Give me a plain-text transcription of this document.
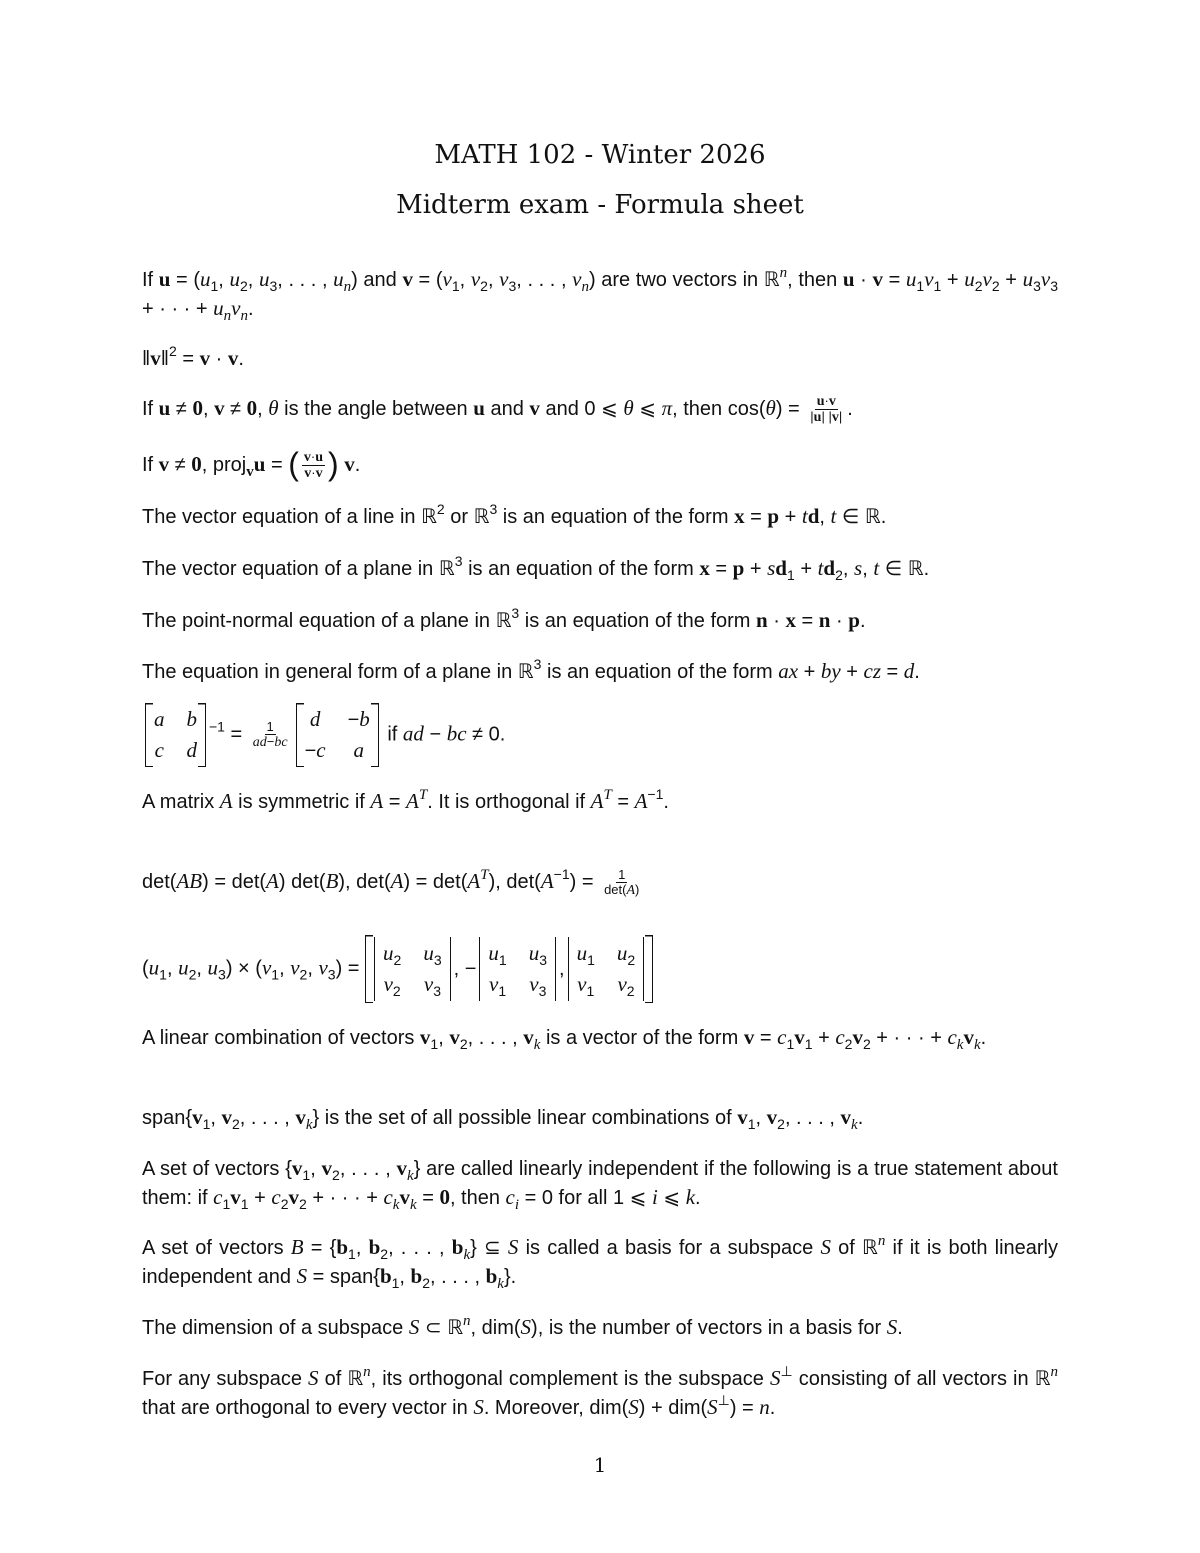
MATH 102 - Winter 2026
Midterm exam - Formula sheet
If $u = (u_1$, $u_2$, $u_3$, . . . , $u_n$) and $v = (v_1$, $v_2$, $v_3$, . . . , $v_n$) are two vectors in ℝ$^n$, then $u \cdot v = u_1v_1 + u_2v_2 + u_3v_3$ + · · · + $u_nv_n$.
‖v‖$^2$ = v · v.
If u ≠ 0, v ≠ 0, θ is the angle between u and v and 0 ⩽ θ ⩽ π, then $\cos(\theta) = \frac{u\cdot v}{|u| |v|}$ .
If v ≠ 0, proj$_v$u = ( $\frac{v\cdot u}{v\cdot v}$ ) v.
The vector equation of a line in ℝ$^2$ or ℝ$^3$ is an equation of the form x = p + td, t ∈ ℝ.
The vector equation of a plane in ℝ$^3$ is an equation of the form $x = p + sd_1 + td_2$, s, t ∈ ℝ.
The point-normal equation of a plane in ℝ$^3$ is an equation of the form n · x = n · p.
The equation in general form of a plane in ℝ$^3$ is an equation of the form ax + by + cz = d.
a b
c d
$^{-1} = \frac{1}{ad-bc}$
d −b
−c a
if ad − bc ≠ 0.
A matrix A is symmetric if $A = A^T$. It is orthogonal if $A^T = A^{-1}$.
det(AB) = det(A) det(B), $\det(A) = \det(A^T)$, $\det(A^{-1}) = \frac{1}{\det(A)}$
($u_1$, $u_2$, $u_3) \times (v_1$, $v_2$, $v_3$) =
$u_2$ $u_3$
$v_2$ $v_3$
, −
$u_1$ $u_3$
$v_1$ $v_3$
,
$u_1$ $u_2$
$v_1$ $v_2$
A linear combination of vectors $v_1$, $v_2$, . . . , $v_k$ is a vector of the form $v = c_1v_1 + c_2v_2$ + · · · + $c_kv_k$.
$span\{v_1$, $v_2$, . . . , $v_k$} is the set of all possible linear combinations of $v_1$, $v_2$, . . . , $v_k$.
A set of vectors {$v_1$, $v_2$, . . . , $v_k$} are called linearly independent if the following is a true statement about them: if $c_1v_1 + c_2v_2$ + · · · + $c_kv_k = 0$, then $c_i = 0$ for all 1 ⩽ i ⩽ k.
A set of vectors $B = \{b_1$, $b_2$, . . . , $b_k$} ⊆ S is called a basis for a subspace S of ℝ$^n$ if it is both linearly independent and $S = span\{b_1$, $b_2$, . . . , $b_k$}.
The dimension of a subspace S ⊂ ℝ$^n$, dim(S), is the number of vectors in a basis for S.
For any subspace S of ℝ$^n$, its orthogonal complement is the subspace S⊥ consisting of all vectors in ℝ$^n$ that are orthogonal to every vector in S. Moreover, dim(S) + dim(S⊥) = n.
1
